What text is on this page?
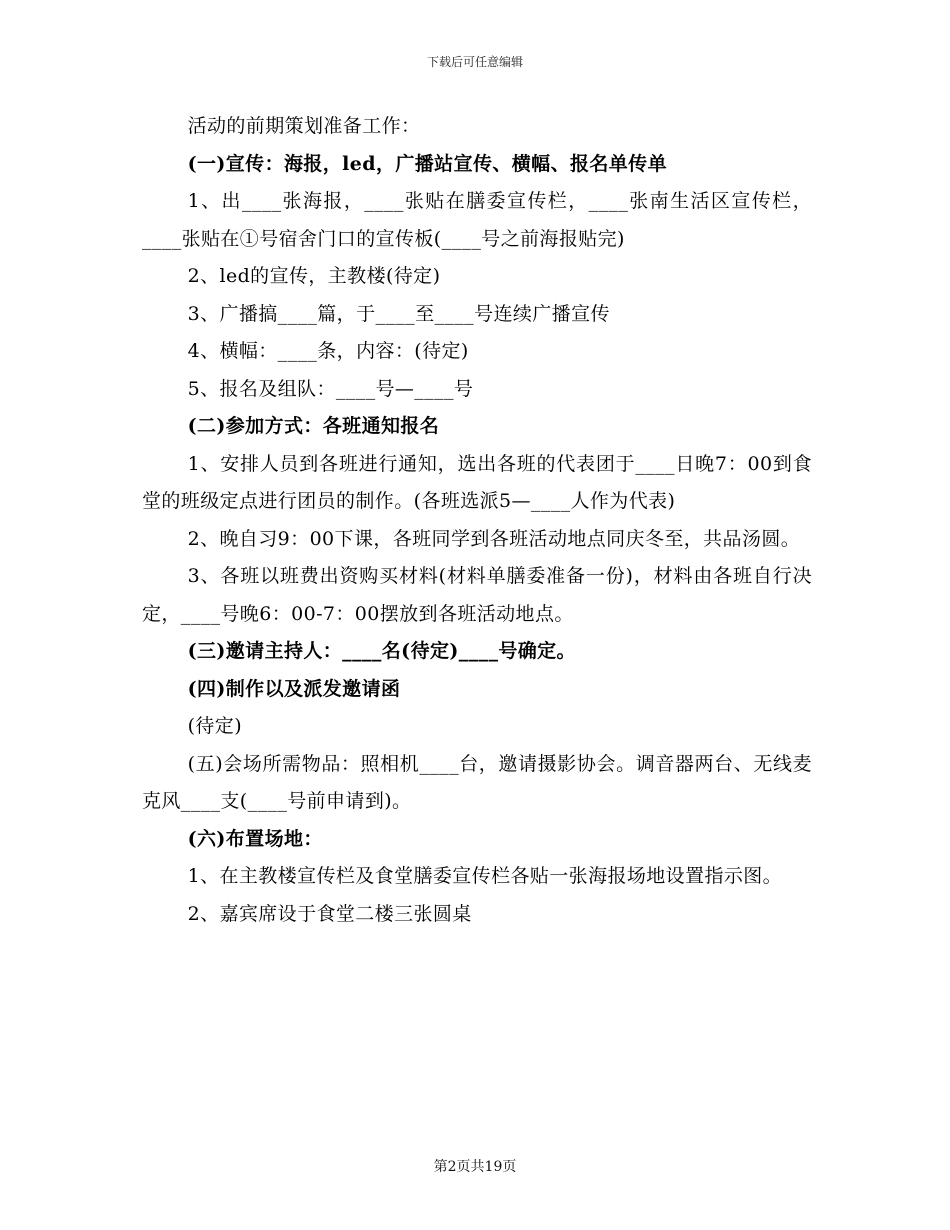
下载后可任意编辑

活动的前期策划准备工作：

(一)宣传：海报，led，广播站宣传、横幅、报名单传单

1、出____张海报，____张贴在膳委宣传栏，____张南生活区宣传栏，____张贴在①号宿舍门口的宣传板(____号之前海报贴完)

2、led的宣传，主教楼(待定)

3、广播搞____篇，于____至____号连续广播宣传

4、横幅：____条，内容：(待定)

5、报名及组队：____号—____号

(二)参加方式：各班通知报名

1、安排人员到各班进行通知，选出各班的代表团于____日晚7：00到食堂的班级定点进行团员的制作。(各班选派5—____人作为代表)

2、晚自习9：00下课，各班同学到各班活动地点同庆冬至，共品汤圆。

3、各班以班费出资购买材料(材料单膳委准备一份)，材料由各班自行决定，____号晚6：00-7：00摆放到各班活动地点。

(三)邀请主持人：____名(待定)____号确定。

(四)制作以及派发邀请函

(待定)

(五)会场所需物品：照相机____台，邀请摄影协会。调音器两台、无线麦克风____支(____号前申请到)。

(六)布置场地：

1、在主教楼宣传栏及食堂膳委宣传栏各贴一张海报场地设置指示图。

2、嘉宾席设于食堂二楼三张圆桌

第2页共19页
